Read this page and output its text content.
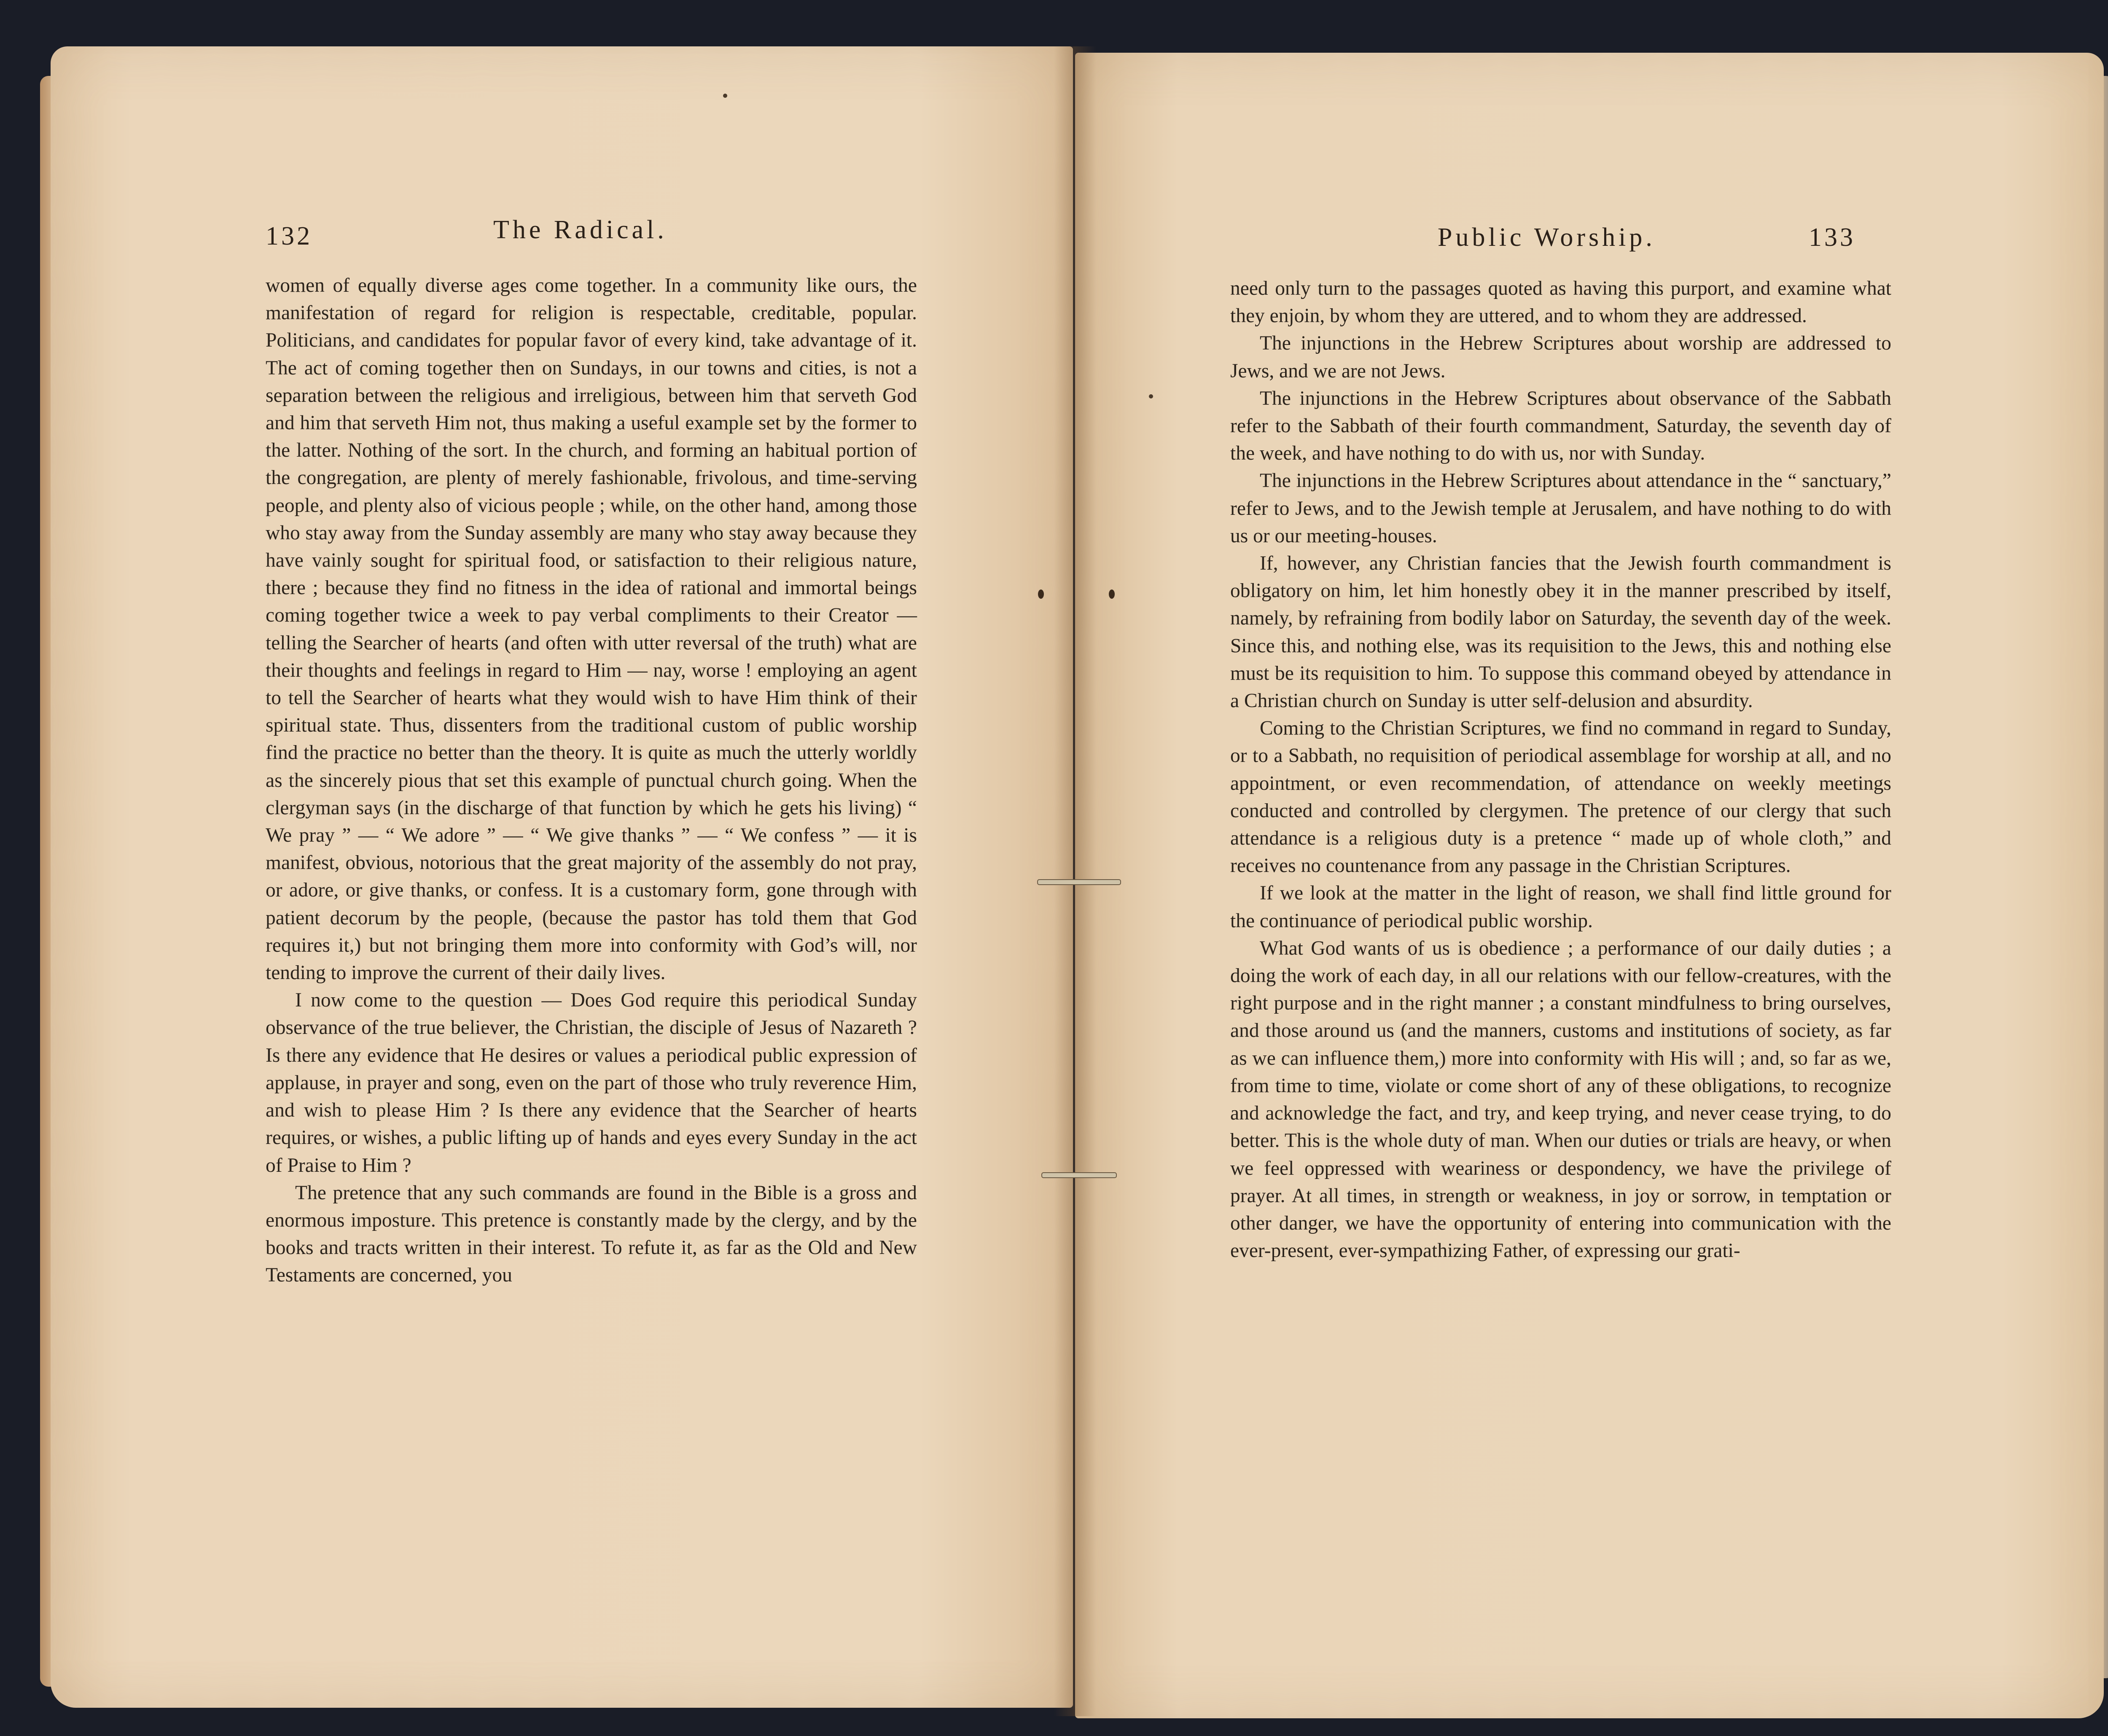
132	The Radical.	Public Worship.	133

women of equally diverse ages come together. In a community like ours, the manifestation of regard for religion is respectable, creditable, popular. Politicians, and candidates for popular favor of every kind, take advantage of it. The act of coming together then on Sundays, in our towns and cities, is not a separation between the religious and irreligious, between him that serveth God and him that serveth Him not, thus making a useful example set by the former to the latter. Nothing of the sort. In the church, and forming an habitual portion of the congregation, are plenty of merely fashionable, frivolous, and time-serving people, and plenty also of vicious people ; while, on the other hand, among those who stay away from the Sunday assembly are many who stay away because they have vainly sought for spiritual food, or satisfaction to their religious nature, there ; because they find no fitness in the idea of rational and immortal beings coming together twice a week to pay verbal compliments to their Creator — telling the Searcher of hearts (and often with utter reversal of the truth) what are their thoughts and feelings in regard to Him — nay, worse ! employing an agent to tell the Searcher of hearts what they would wish to have Him think of their spiritual state. Thus, dissenters from the traditional custom of public worship find the practice no better than the theory. It is quite as much the utterly worldly as the sincerely pious that set this example of punctual church going. When the clergyman says (in the discharge of that function by which he gets his living) “ We pray ” — “ We adore ” — “ We give thanks ” — “ We confess ” — it is manifest, obvious, notorious that the great majority of the assembly do not pray, or adore, or give thanks, or confess. It is a customary form, gone through with patient decorum by the people, (because the pastor has told them that God requires it,) but not bringing them more into conformity with God’s will, nor tending to improve the current of their daily lives.

I now come to the question — Does God require this periodical Sunday observance of the true believer, the Christian, the disciple of Jesus of Nazareth ? Is there any evidence that He desires or values a periodical public expression of applause, in prayer and song, even on the part of those who truly reverence Him, and wish to please Him ? Is there any evidence that the Searcher of hearts requires, or wishes, a public lifting up of hands and eyes every Sunday in the act of Praise to Him ?

The pretence that any such commands are found in the Bible is a gross and enormous imposture. This pretence is constantly made by the clergy, and by the books and tracts written in their interest. To refute it, as far as the Old and New Testaments are concerned, you

need only turn to the passages quoted as having this purport, and examine what they enjoin, by whom they are uttered, and to whom they are addressed.

The injunctions in the Hebrew Scriptures about worship are addressed to Jews, and we are not Jews.

The injunctions in the Hebrew Scriptures about observance of the Sabbath refer to the Sabbath of their fourth commandment, Saturday, the seventh day of the week, and have nothing to do with us, nor with Sunday.

The injunctions in the Hebrew Scriptures about attendance in the “ sanctuary,” refer to Jews, and to the Jewish temple at Jerusalem, and have nothing to do with us or our meeting-houses.

If, however, any Christian fancies that the Jewish fourth commandment is obligatory on him, let him honestly obey it in the manner prescribed by itself, namely, by refraining from bodily labor on Saturday, the seventh day of the week. Since this, and nothing else, was its requisition to the Jews, this and nothing else must be its requisition to him. To suppose this command obeyed by attendance in a Christian church on Sunday is utter self-delusion and absurdity.

Coming to the Christian Scriptures, we find no command in regard to Sunday, or to a Sabbath, no requisition of periodical assemblage for worship at all, and no appointment, or even recommendation, of attendance on weekly meetings conducted and controlled by clergymen. The pretence of our clergy that such attendance is a religious duty is a pretence “ made up of whole cloth,” and receives no countenance from any passage in the Christian Scriptures.

If we look at the matter in the light of reason, we shall find little ground for the continuance of periodical public worship.

What God wants of us is obedience ; a performance of our daily duties ; a doing the work of each day, in all our relations with our fellow-creatures, with the right purpose and in the right manner ; a constant mindfulness to bring ourselves, and those around us (and the manners, customs and institutions of society, as far as we can influence them,) more into conformity with His will ; and, so far as we, from time to time, violate or come short of any of these obligations, to recognize and acknowledge the fact, and try, and keep trying, and never cease trying, to do better. This is the whole duty of man. When our duties or trials are heavy, or when we feel oppressed with weariness or despondency, we have the privilege of prayer. At all times, in strength or weakness, in joy or sorrow, in temptation or other danger, we have the opportunity of entering into communication with the ever-present, ever-sympathizing Father, of expressing our grati-
